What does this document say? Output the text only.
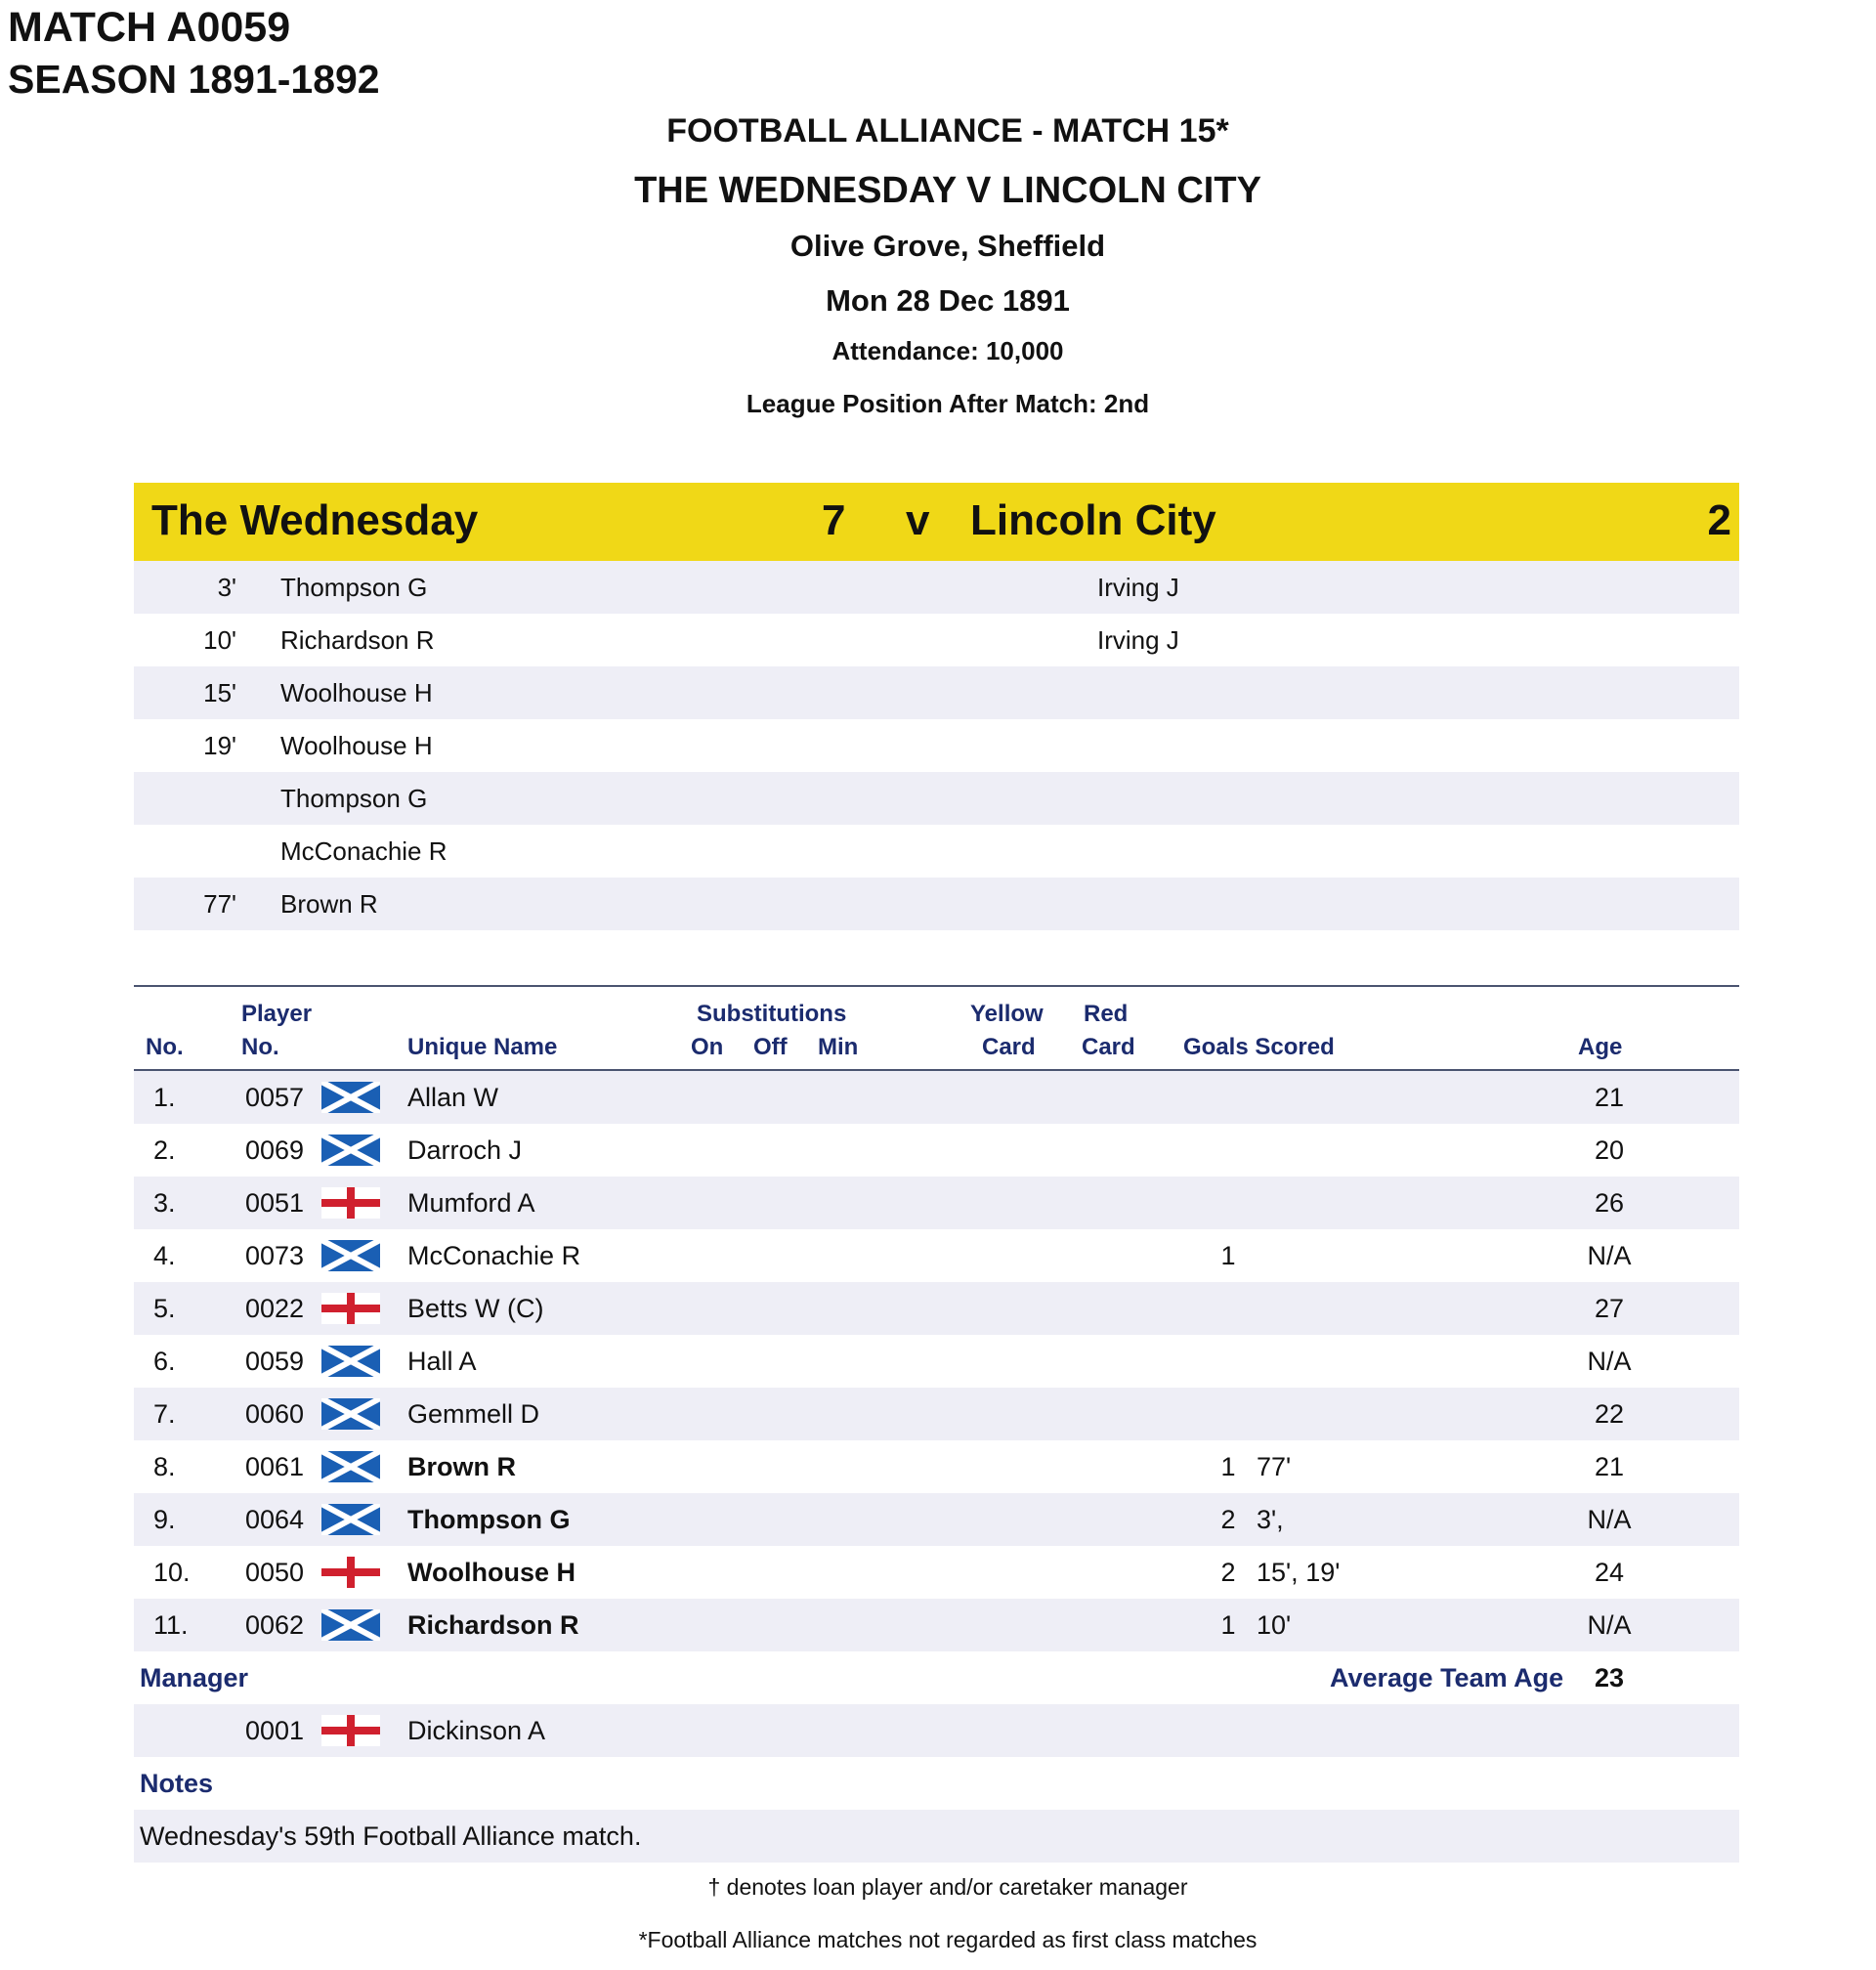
MATCH A0059
SEASON 1891-1892
FOOTBALL ALLIANCE - MATCH 15*
THE WEDNESDAY V LINCOLN CITY
Olive Grove, Sheffield
Mon 28 Dec 1891
Attendance: 10,000
League Position After Match: 2nd
The Wednesday	7 v Lincoln City	2
3' Thompson G	Irving J
10' Richardson R	Irving J
15' Woolhouse H
19' Woolhouse H
Thompson G
McConachie R
77' Brown R
Player	Substitutions	Yellow Red
No. No.	Unique Name	On Off Min	Card Card Goals Scored	Age
1.	0057	Allan W	21
2.	0069	Darroch J	20
3.	0051	Mumford A	26
4.	0073	McConachie R	1	N/A
5.	0022	Betts W (C)	27
6.	0059	Hall A	N/A
7.	0060	Gemmell D	22
8.	0061	Brown R	1 77'	21
9.	0064	Thompson G	2 3',	N/A
10. 0050	Woolhouse H	2 15', 19'	24
11. 0062	Richardson R	1 10'	N/A
Manager	Average Team Age	23
0001	Dickinson A
Notes
Wednesday's 59th Football Alliance match.
† denotes loan player and/or caretaker manager
*Football Alliance matches not regarded as first class matches
